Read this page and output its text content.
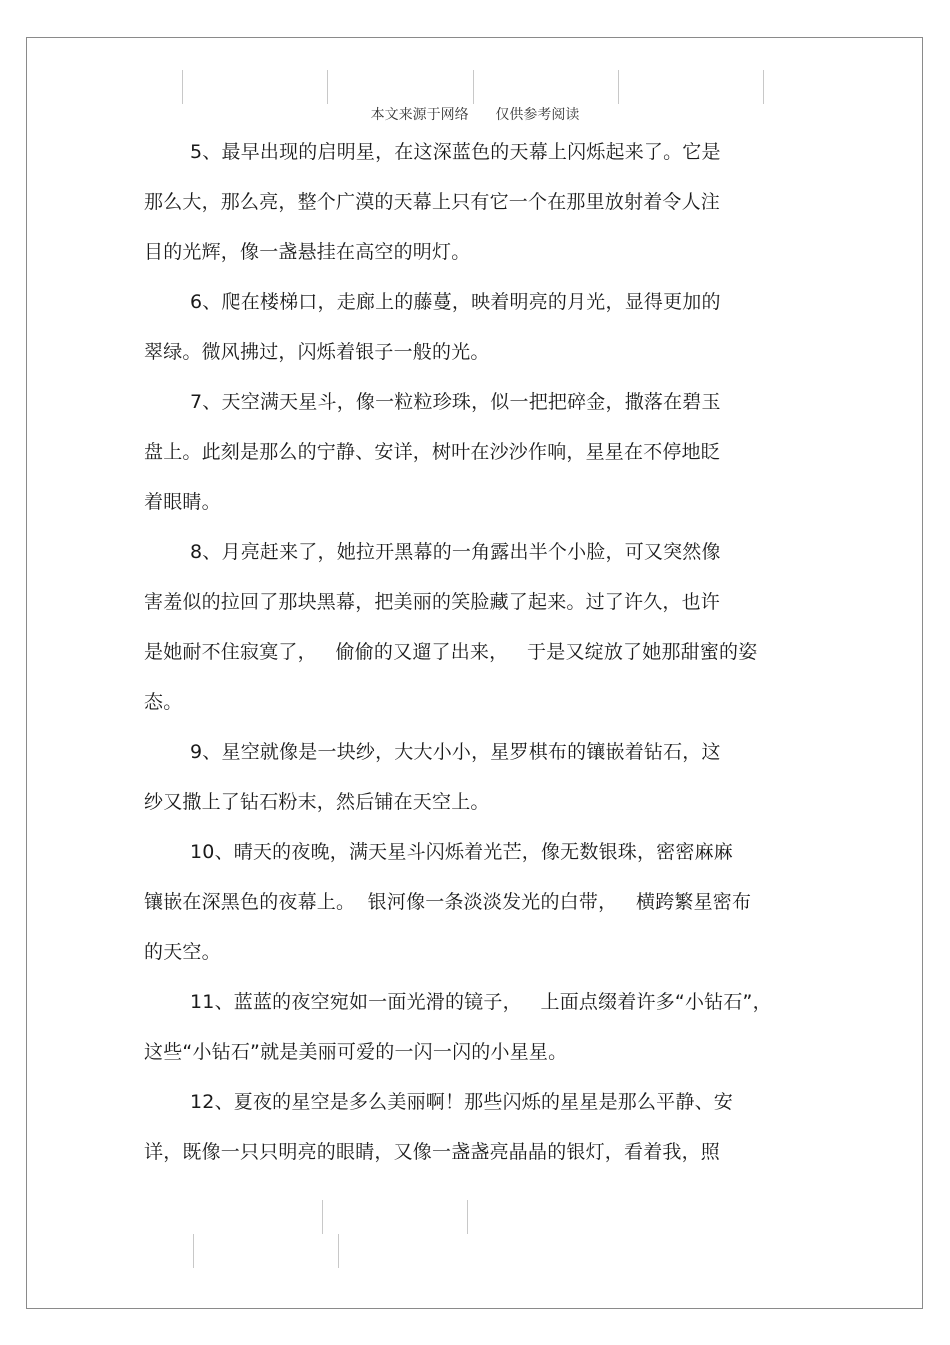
本文来源于网络      仅供参考阅读

5、最早出现的启明星，在这深蓝色的天幕上闪烁起来了。它是
那么大，那么亮，整个广漠的天幕上只有它一个在那里放射着令人注
目的光辉，像一盏悬挂在高空的明灯。

6、爬在楼梯口，走廊上的藤蔓，映着明亮的月光，显得更加的
翠绿。微风拂过，闪烁着银子一般的光。

7、天空满天星斗，像一粒粒珍珠，似一把把碎金，撒落在碧玉
盘上。此刻是那么的宁静、安详，树叶在沙沙作响，星星在不停地眨
着眼睛。

8、月亮赶来了，她拉开黑幕的一角露出半个小脸，可又突然像
害羞似的拉回了那块黑幕，把美丽的笑脸藏了起来。过了许久，也许
是她耐不住寂寞了，   偷偷的又遛了出来，   于是又绽放了她那甜蜜的姿
态。

9、星空就像是一块纱，大大小小，星罗棋布的镶嵌着钻石，这
纱又撒上了钻石粉末，然后铺在天空上。

10、晴天的夜晚，满天星斗闪烁着光芒，像无数银珠，密密麻麻
镶嵌在深黑色的夜幕上。  银河像一条淡淡发光的白带，   横跨繁星密布
的天空。

11、蓝蓝的夜空宛如一面光滑的镜子，   上面点缀着许多“小钻石”，
这些“小钻石”就是美丽可爱的一闪一闪的小星星。

12、夏夜的星空是多么美丽啊！那些闪烁的星星是那么平静、安
详，既像一只只明亮的眼睛，又像一盏盏亮晶晶的银灯，看着我，照
